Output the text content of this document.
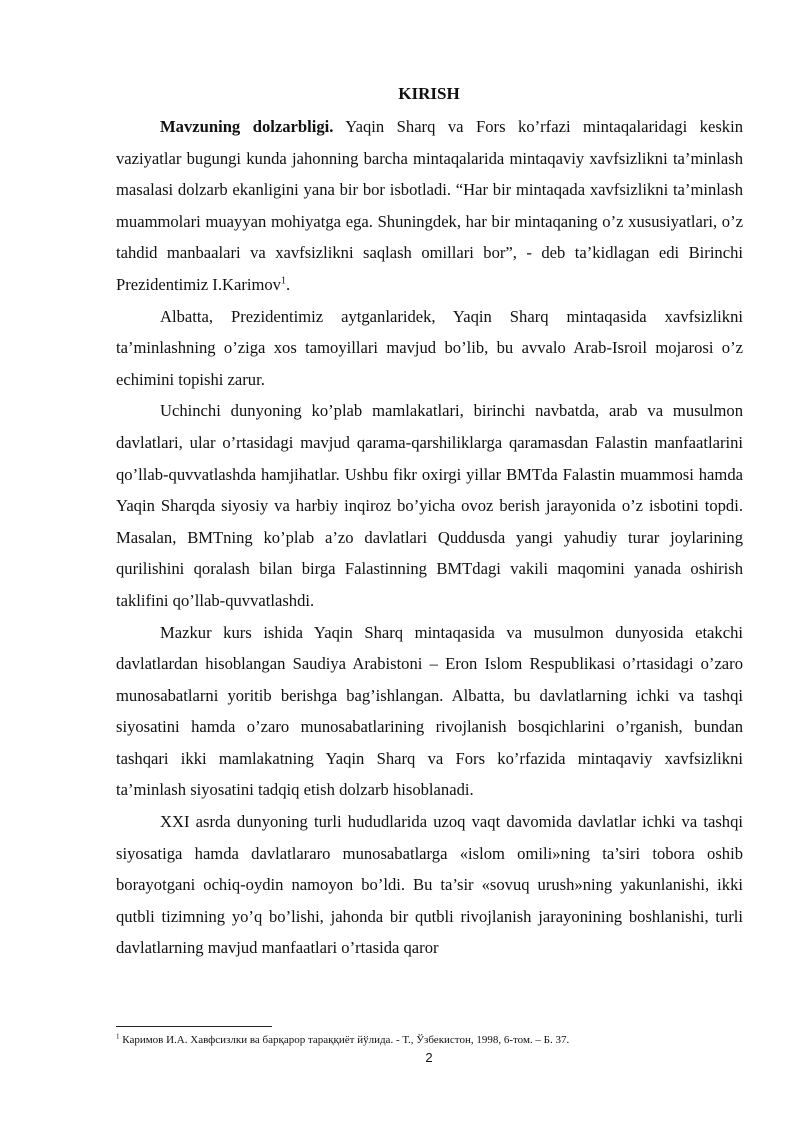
KIRISH

Mavzuning dolzarbligi. Yaqin Sharq va Fors ko’rfazi mintaqalaridagi keskin vaziyatlar bugungi kunda jahonning barcha mintaqalarida mintaqaviy xavfsizlikni ta’minlash masalasi dolzarb ekanligini yana bir bor isbotladi. “Har bir mintaqada xavfsizlikni ta’minlash muammolari muayyan mohiyatga ega. Shuningdek, har bir mintaqaning o’z xususiyatlari, o’z tahdid manbaalari va xavfsizlikni saqlash omillari bor”, - deb ta’kidlagan edi Birinchi Prezidentimiz I.Karimov$^1$.

Albatta, Prezidentimiz aytganlaridek, Yaqin Sharq mintaqasida xavfsizlikni ta’minlashning o’ziga xos tamoyillari mavjud bo’lib, bu avvalo Arab-Isroil mojarosi o’z echimini topishi zarur.

Uchinchi dunyoning ko’plab mamlakatlari, birinchi navbatda, arab va musulmon davlatlari, ular o’rtasidagi mavjud qarama-qarshiliklarga qaramasdan Falastin manfaatlarini qo’llab-quvvatlashda hamjihatlar. Ushbu fikr oxirgi yillar BMTda Falastin muammosi hamda Yaqin Sharqda siyosiy va harbiy inqiroz bo’yicha ovoz berish jarayonida o’z isbotini topdi. Masalan, BMTning ko’plab a’zo davlatlari Quddusda yangi yahudiy turar joylarining qurilishini qoralash bilan birga Falastinning BMTdagi vakili maqomini yanada oshirish taklifini qo’llab-quvvatlashdi.

Mazkur kurs ishida Yaqin Sharq mintaqasida va musulmon dunyosida etakchi davlatlardan hisoblangan Saudiya Arabistoni – Eron Islom Respublikasi o’rtasidagi o’zaro munosabatlarni yoritib berishga bag’ishlangan. Albatta, bu davlatlarning ichki va tashqi siyosatini hamda o’zaro munosabatlarining rivojlanish bosqichlarini o’rganish, bundan tashqari ikki mamlakatning Yaqin Sharq va Fors ko’rfazida mintaqaviy xavfsizlikni ta’minlash siyosatini tadqiq etish dolzarb hisoblanadi.

XXI asrda dunyoning turli hududlarida uzoq vaqt davomida davlatlar ichki va tashqi siyosatiga hamda davlatlararo munosabatlarga «islom omili»ning ta’siri tobora oshib borayotgani ochiq-oydin namoyon bo’ldi. Bu ta’sir «sovuq urush»ning yakunlanishi, ikki qutbli tizimning yo’q bo’lishi, jahonda bir qutbli rivojlanish jarayonining boshlanishi, turli davlatlarning mavjud manfaatlari o’rtasida qaror

$^1$ Каримов И.А. Хавфсизлки ва барқарор тараққиёт йўлида. - Т., Ўзбекистон, 1998, 6-том. – Б. 37.
2
